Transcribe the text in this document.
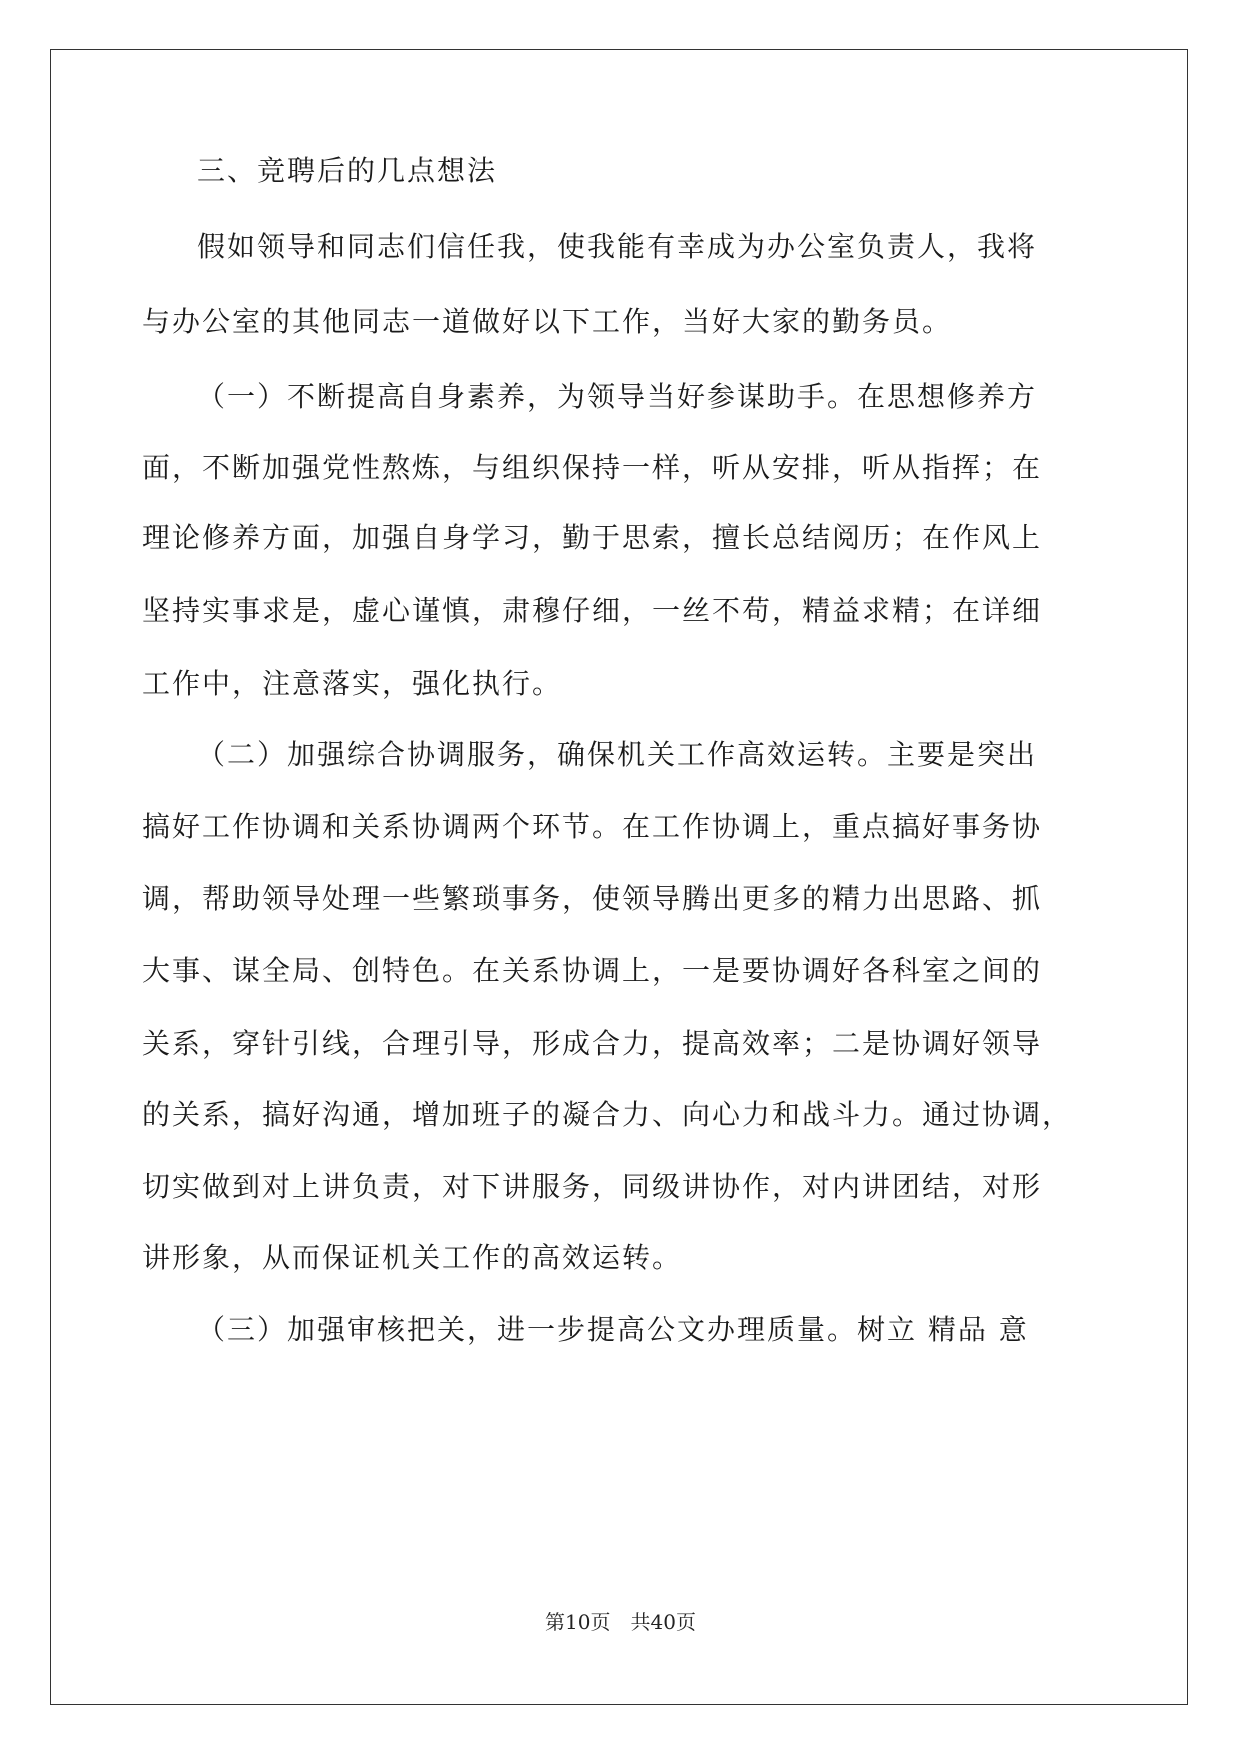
三、竞聘后的几点想法

假如领导和同志们信任我，使我能有幸成为办公室负责人，我将

与办公室的其他同志一道做好以下工作，当好大家的勤务员。

（一）不断提高自身素养，为领导当好参谋助手。在思想修养方

面，不断加强党性熬炼，与组织保持一样，听从安排，听从指挥；在

理论修养方面，加强自身学习，勤于思索，擅长总结阅历；在作风上

坚持实事求是，虚心谨慎，肃穆仔细，一丝不苟，精益求精；在详细

工作中，注意落实，强化执行。

（二）加强综合协调服务，确保机关工作高效运转。主要是突出

搞好工作协调和关系协调两个环节。在工作协调上，重点搞好事务协

调，帮助领导处理一些繁琐事务，使领导腾出更多的精力出思路、抓

大事、谋全局、创特色。在关系协调上，一是要协调好各科室之间的

关系，穿针引线，合理引导，形成合力，提高效率；二是协调好领导

的关系，搞好沟通，增加班子的凝合力、向心力和战斗力。通过协调，

切实做到对上讲负责，对下讲服务，同级讲协作，对内讲团结，对形

讲形象，从而保证机关工作的高效运转。

（三）加强审核把关，进一步提高公文办理质量。树立 精品 意

第10页 共40页
